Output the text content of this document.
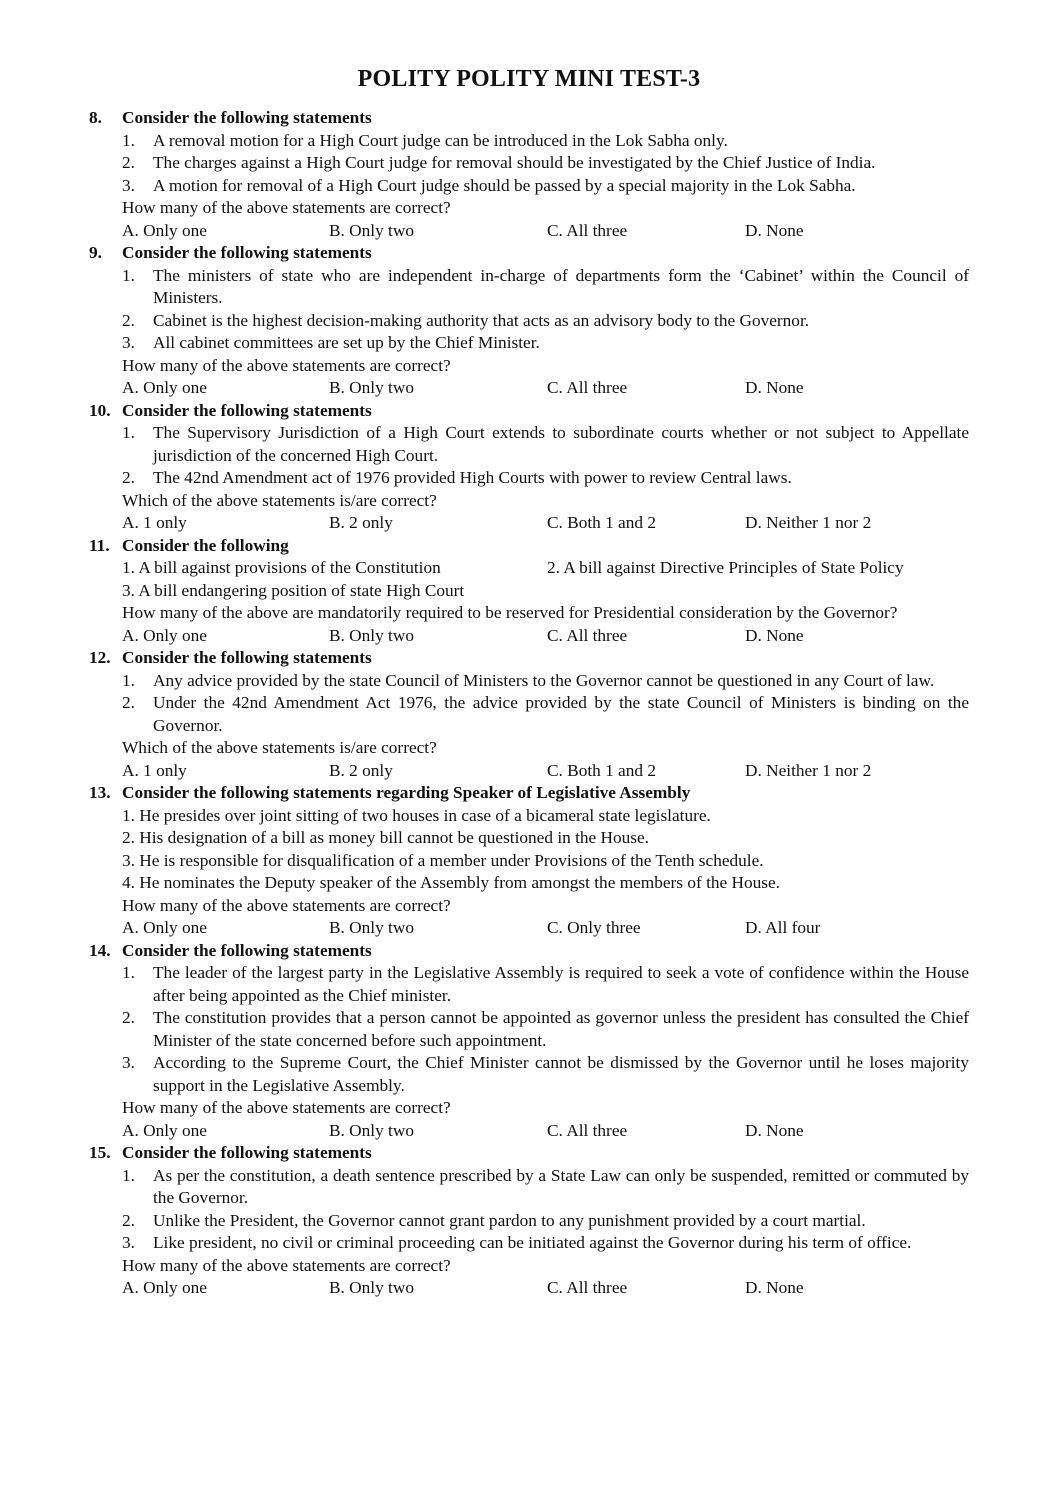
POLITY POLITY MINI TEST-3
8.	Consider the following statements
1.	A removal motion for a High Court judge can be introduced in the Lok Sabha only.
2.	The charges against a High Court judge for removal should be investigated by the Chief Justice of India.
3.	A motion for removal of a High Court judge should be passed by a special majority in the Lok Sabha.
How many of the above statements are correct?
A. Only one	B. Only two	C. All three	D. None
9.	Consider the following statements
1.	The ministers of state who are independent in-charge of departments form the ‘Cabinet’ within the Council of Ministers.
2.	Cabinet is the highest decision-making authority that acts as an advisory body to the Governor.
3.	All cabinet committees are set up by the Chief Minister.
How many of the above statements are correct?
A. Only one	B. Only two	C. All three	D. None
10. Consider the following statements
1.	The Supervisory Jurisdiction of a High Court extends to subordinate courts whether or not subject to Appellate jurisdiction of the concerned High Court.
2.	The 42nd Amendment act of 1976 provided High Courts with power to review Central laws.
Which of the above statements is/are correct?
A. 1 only	B. 2 only	C. Both 1 and 2	D. Neither 1 nor 2
11. Consider the following
1. A bill against provisions of the Constitution	2. A bill against Directive Principles of State Policy
3. A bill endangering position of state High Court
How many of the above are mandatorily required to be reserved for Presidential consideration by the Governor?
A. Only one	B. Only two	C. All three	D. None
12. Consider the following statements
1.	Any advice provided by the state Council of Ministers to the Governor cannot be questioned in any Court of law.
2.	Under the 42nd Amendment Act 1976, the advice provided by the state Council of Ministers is binding on the Governor.
Which of the above statements is/are correct?
A. 1 only	B. 2 only	C. Both 1 and 2	D. Neither 1 nor 2
13. Consider the following statements regarding Speaker of Legislative Assembly
1. He presides over joint sitting of two houses in case of a bicameral state legislature.
2. His designation of a bill as money bill cannot be questioned in the House.
3. He is responsible for disqualification of a member under Provisions of the Tenth schedule.
4. He nominates the Deputy speaker of the Assembly from amongst the members of the House.
How many of the above statements are correct?
A. Only one	B. Only two	C. Only three	D. All four
14. Consider the following statements
1.	The leader of the largest party in the Legislative Assembly is required to seek a vote of confidence within the House after being appointed as the Chief minister.
2.	The constitution provides that a person cannot be appointed as governor unless the president has consulted the Chief Minister of the state concerned before such appointment.
3.	According to the Supreme Court, the Chief Minister cannot be dismissed by the Governor until he loses majority support in the Legislative Assembly.
How many of the above statements are correct?
A. Only one	B. Only two	C. All three	D. None
15. Consider the following statements
1.	As per the constitution, a death sentence prescribed by a State Law can only be suspended, remitted or commuted by the Governor.
2.	Unlike the President, the Governor cannot grant pardon to any punishment provided by a court martial.
3.	Like president, no civil or criminal proceeding can be initiated against the Governor during his term of office.
How many of the above statements are correct?
A. Only one	B. Only two	C. All three	D. None
